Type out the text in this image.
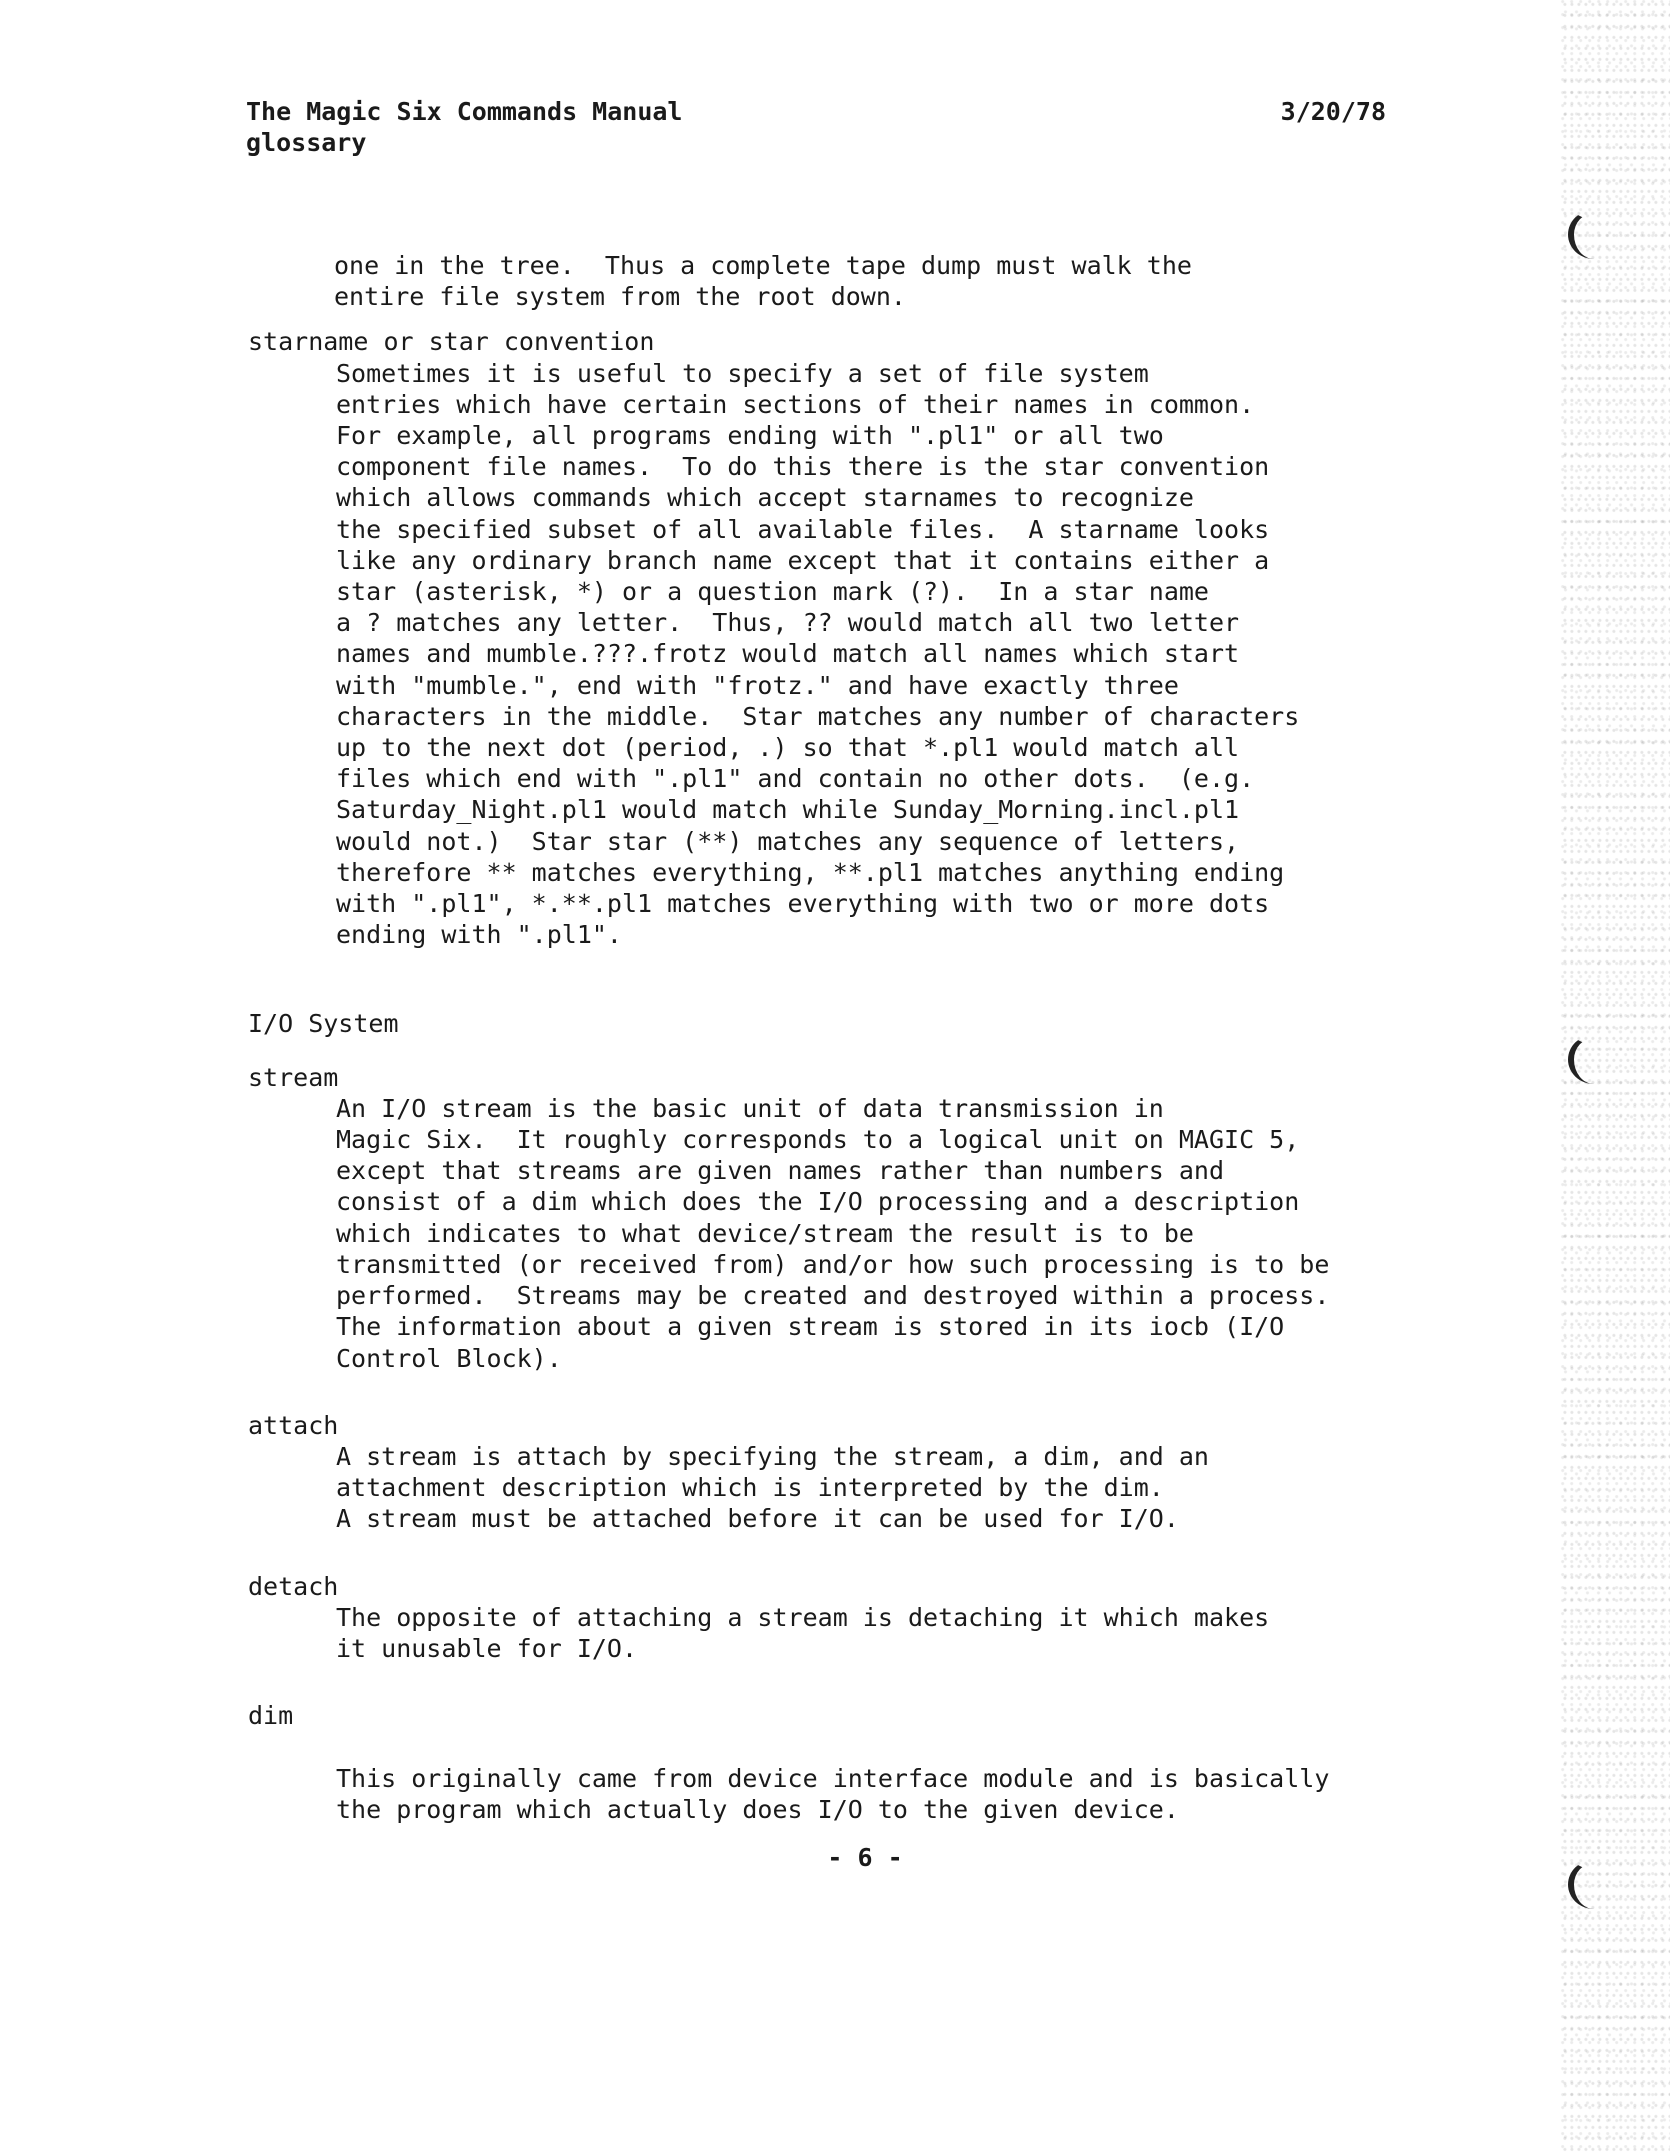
The Magic Six Commands Manual
glossary
3/20/78
one in the tree.  Thus a complete tape dump must walk the
entire file system from the root down.
starname or star convention
Sometimes it is useful to specify a set of file system
entries which have certain sections of their names in common.
For example, all programs ending with ".pl1" or all two
component file names.  To do this there is the star convention
which allows commands which accept starnames to recognize
the specified subset of all available files.  A starname looks
like any ordinary branch name except that it contains either a
star (asterisk, *) or a question mark (?).  In a star name
a ? matches any letter.  Thus, ?? would match all two letter
names and mumble.???.frotz would match all names which start
with "mumble.", end with "frotz." and have exactly three
characters in the middle.  Star matches any number of characters
up to the next dot (period, .) so that *.pl1 would match all
files which end with ".pl1" and contain no other dots.  (e.g.
Saturday_Night.pl1 would match while Sunday_Morning.incl.pl1
would not.)  Star star (**) matches any sequence of letters,
therefore ** matches everything, **.pl1 matches anything ending
with ".pl1", *.**.pl1 matches everything with two or more dots
ending with ".pl1".
I/O System
stream
An I/O stream is the basic unit of data transmission in
Magic Six.  It roughly corresponds to a logical unit on MAGIC 5,
except that streams are given names rather than numbers and
consist of a dim which does the I/O processing and a description
which indicates to what device/stream the result is to be
transmitted (or received from) and/or how such processing is to be
performed.  Streams may be created and destroyed within a process.
The information about a given stream is stored in its iocb (I/O
Control Block).
attach
A stream is attach by specifying the stream, a dim, and an
attachment description which is interpreted by the dim.
A stream must be attached before it can be used for I/O.
detach
The opposite of attaching a stream is detaching it which makes
it unusable for I/O.
dim

This originally came from device interface module and is basically
the program which actually does I/O to the given device.
- 6 -
